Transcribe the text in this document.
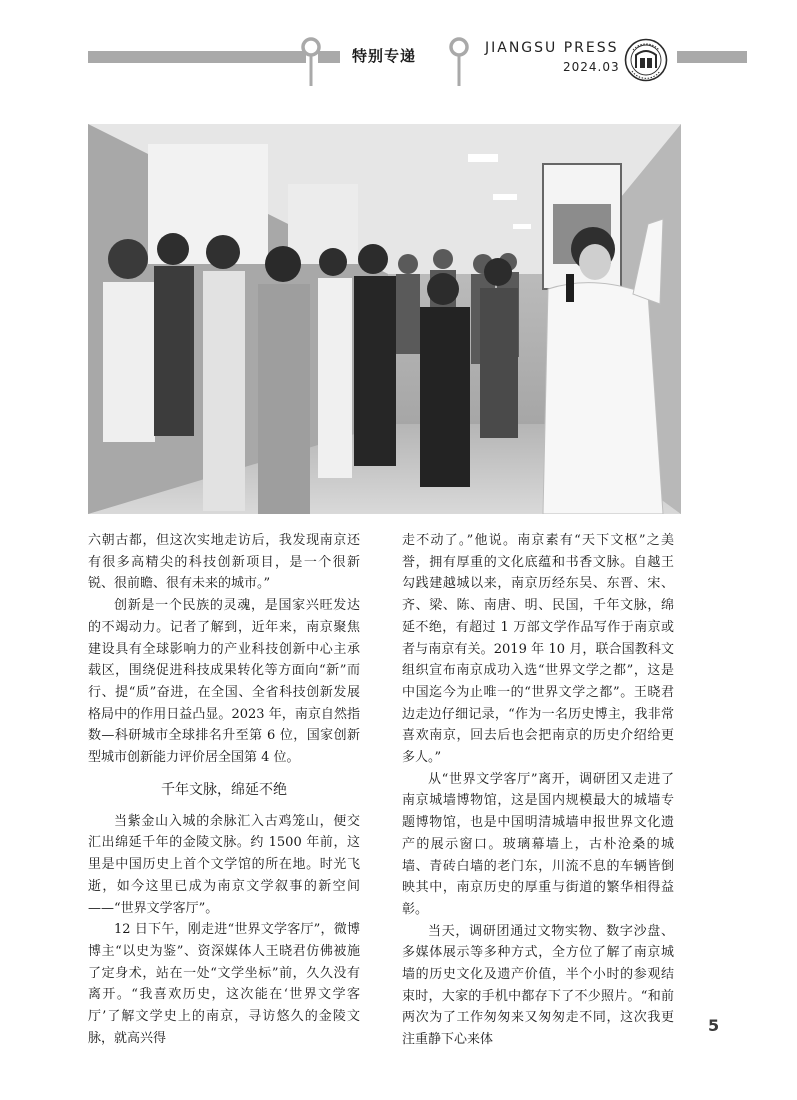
特别专递	JIANGSU PRESS
2024.03

六朝古都，但这次实地走访后，我发现南京还有很多高精尖的科技创新项目，是一个很新锐、很前瞻、很有未来的城市。”

创新是一个民族的灵魂，是国家兴旺发达的不竭动力。记者了解到，近年来，南京聚焦建设具有全球影响力的产业科技创新中心主承载区，围绕促进科技成果转化等方面向“新”而行、提“质”奋进，在全国、全省科技创新发展格局中的作用日益凸显。2023 年，南京自然指数—科研城市全球排名升至第 6 位，国家创新型城市创新能力评价居全国第 4 位。

千年文脉，绵延不绝

当紫金山入城的余脉汇入古鸡笼山，便交汇出绵延千年的金陵文脉。约 1500 年前，这里是中国历史上首个文学馆的所在地。时光飞逝，如今这里已成为南京文学叙事的新空间——“世界文学客厅”。

12 日下午，刚走进“世界文学客厅”，微博博主“以史为鉴”、资深媒体人王晓君仿佛被施了定身术，站在一处“文学坐标”前，久久没有离开。“我喜欢历史，这次能在‘世界文学客厅’了解文学史上的南京，寻访悠久的金陵文脉，就高兴得

走不动了。”他说。南京素有“天下文枢”之美誉，拥有厚重的文化底蕴和书香文脉。自越王勾践建越城以来，南京历经东吴、东晋、宋、齐、梁、陈、南唐、明、民国，千年文脉，绵延不绝，有超过 1 万部文学作品写作于南京或者与南京有关。2019 年 10 月，联合国教科文组织宣布南京成功入选“世界文学之都”，这是中国迄今为止唯一的“世界文学之都”。王晓君边走边仔细记录，“作为一名历史博主，我非常喜欢南京，回去后也会把南京的历史介绍给更多人。”

从“世界文学客厅”离开，调研团又走进了南京城墙博物馆，这是国内规模最大的城墙专题博物馆，也是中国明清城墙申报世界文化遗产的展示窗口。玻璃幕墙上，古朴沧桑的城墙、青砖白墙的老门东，川流不息的车辆皆倒映其中，南京历史的厚重与街道的繁华相得益彰。

当天，调研团通过文物实物、数字沙盘、多媒体展示等多种方式，全方位了解了南京城墙的历史文化及遗产价值，半个小时的参观结束时，大家的手机中都存下了不少照片。“和前两次为了工作匆匆来又匆匆走不同，这次我更注重静下心来体

5
